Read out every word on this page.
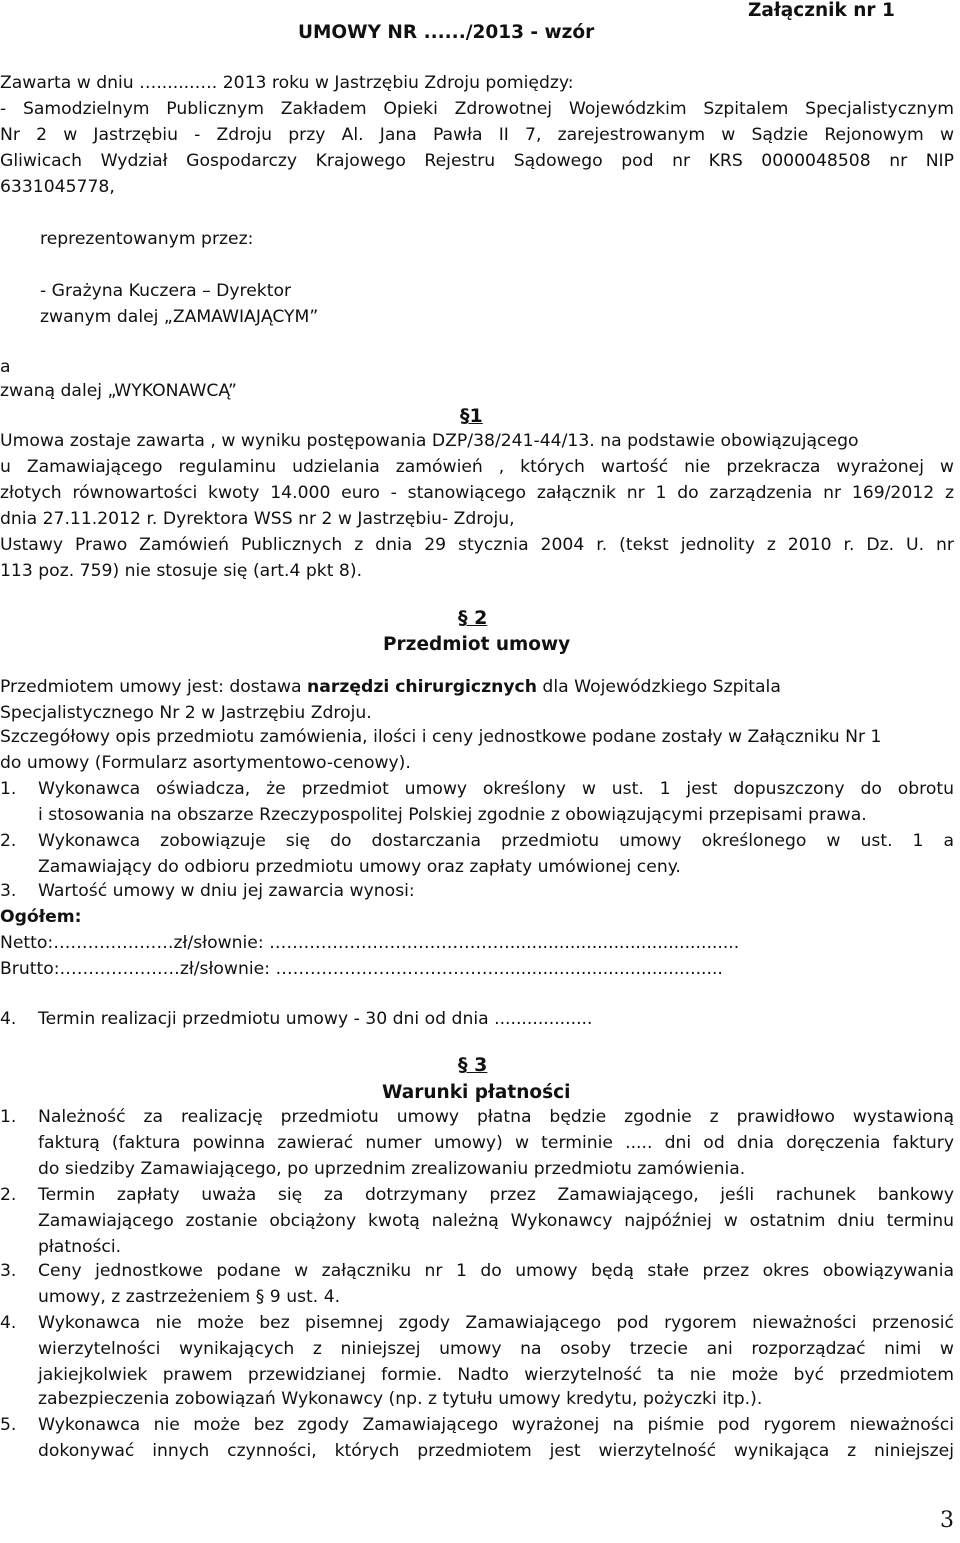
UMOWY NR ....../2013 - wzór
Załącznik nr 1
Zawarta w dniu ….......…. 2013 roku w Jastrzębiu Zdroju pomiędzy:
- Samodzielnym Publicznym Zakładem Opieki Zdrowotnej Wojewódzkim Szpitalem Specjalistycznym
Nr 2 w Jastrzębiu - Zdroju przy Al. Jana Pawła II 7, zarejestrowanym w Sądzie Rejonowym w
Gliwicach Wydział Gospodarczy Krajowego Rejestru Sądowego pod nr KRS 0000048508 nr NIP
6331045778,
reprezentowanym przez:
- Grażyna Kuczera – Dyrektor
zwanym dalej „ZAMAWIAJĄCYM”
a
zwaną dalej „WYKONAWCĄ”
§1
Umowa zostaje zawarta , w wyniku postępowania DZP/38/241-44/13. na podstawie obowiązującego
u Zamawiającego regulaminu udzielania zamówień , których wartość nie przekracza wyrażonej w
złotych równowartości kwoty 14.000 euro - stanowiącego załącznik nr 1 do zarządzenia nr 169/2012 z
dnia 27.11.2012 r. Dyrektora WSS nr 2 w Jastrzębiu- Zdroju,
Ustawy Prawo Zamówień Publicznych z dnia 29 stycznia 2004 r. (tekst jednolity z 2010 r. Dz. U. nr
113 poz. 759) nie stosuje się (art.4 pkt 8).
§ 2
Przedmiot umowy
Przedmiotem umowy jest: dostawa narzędzi chirurgicznych dla Wojewódzkiego Szpitala
Specjalistycznego Nr 2 w Jastrzębiu Zdroju.
Szczegółowy opis przedmiotu zamówienia, ilości i ceny jednostkowe podane zostały w Załączniku Nr 1
do umowy (Formularz asortymentowo-cenowy).
1.	Wykonawca oświadcza, że przedmiot umowy określony w ust. 1 jest dopuszczony do obrotu
i stosowania na obszarze Rzeczypospolitej Polskiej zgodnie z obowiązującymi przepisami prawa.
2.	Wykonawca zobowiązuje się do dostarczania przedmiotu umowy określonego w ust. 1 a
Zamawiający do odbioru przedmiotu umowy oraz zapłaty umówionej ceny.
3.	Wartość umowy w dniu jej zawarcia wynosi:
Ogółem:
Netto:…………………zł/słownie: ……………………………………..........................................
Brutto:…………………zł/słownie: ………………………………….........................................
4.	Termin realizacji przedmiotu umowy - 30 dni od dnia ..................
§ 3
Warunki płatności
1.	Należność za realizację przedmiotu umowy płatna będzie zgodnie z prawidłowo wystawioną
fakturą (faktura powinna zawierać numer umowy) w terminie ..... dni od dnia doręczenia faktury
do siedziby Zamawiającego, po uprzednim zrealizowaniu przedmiotu zamówienia.
2.	Termin zapłaty uważa się za dotrzymany przez Zamawiającego, jeśli rachunek bankowy
Zamawiającego zostanie obciążony kwotą należną Wykonawcy najpóźniej w ostatnim dniu terminu
płatności.
3.	Ceny jednostkowe podane w załączniku nr 1 do umowy będą stałe przez okres obowiązywania
umowy, z zastrzeżeniem § 9 ust. 4.
4.	Wykonawca nie może bez pisemnej zgody Zamawiającego pod rygorem nieważności przenosić
wierzytelności wynikających z niniejszej umowy na osoby trzecie ani rozporządzać nimi w
jakiejkolwiek prawem przewidzianej formie. Nadto wierzytelność ta nie może być przedmiotem
zabezpieczenia zobowiązań Wykonawcy (np. z tytułu umowy kredytu, pożyczki itp.).
5.	Wykonawca nie może bez zgody Zamawiającego wyrażonej na piśmie pod rygorem nieważności
dokonywać innych czynności, których przedmiotem jest wierzytelność wynikająca z niniejszej
3
